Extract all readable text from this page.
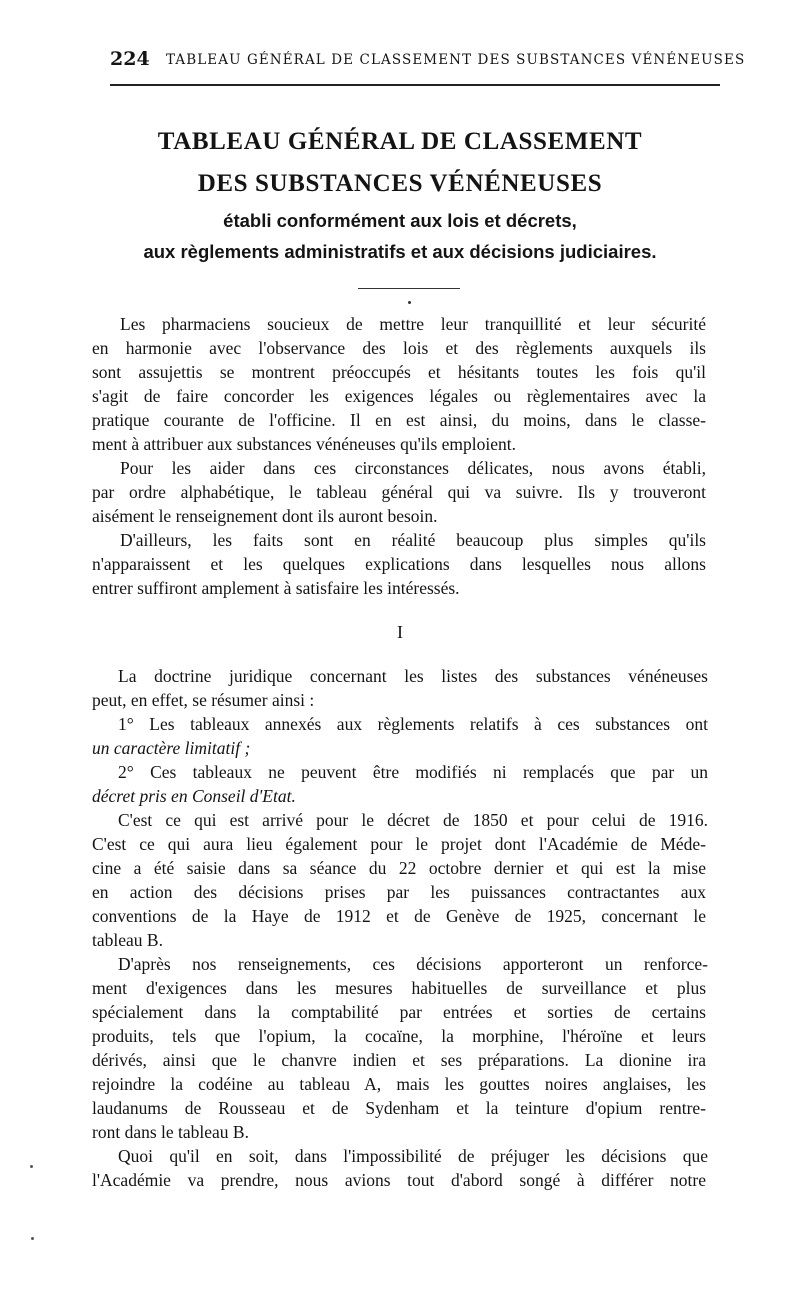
224 TABLEAU GÉNÉRAL DE CLASSEMENT DES SUBSTANCES VÉNÉNEUSES
TABLEAU GÉNÉRAL DE CLASSEMENT
DES SUBSTANCES VÉNÉNEUSES
établi conformément aux lois et décrets,
aux règlements administratifs et aux décisions judiciaires.
Les pharmaciens soucieux de mettre leur tranquillité et leur sécurité
en harmonie avec l'observance des lois et des règlements auxquels ils
sont assujettis se montrent préoccupés et hésitants toutes les fois qu'il
s'agit de faire concorder les exigences légales ou règlementaires avec la
pratique courante de l'officine. Il en est ainsi, du moins, dans le classe-
ment à attribuer aux substances vénéneuses qu'ils emploient.
Pour les aider dans ces circonstances délicates, nous avons établi,
par ordre alphabétique, le tableau général qui va suivre. Ils y trouveront
aisément le renseignement dont ils auront besoin.
D'ailleurs, les faits sont en réalité beaucoup plus simples qu'ils
n'apparaissent et les quelques explications dans lesquelles nous allons
entrer suffiront amplement à satisfaire les intéressés.
I
La doctrine juridique concernant les listes des substances vénéneuses
peut, en effet, se résumer ainsi :
1° Les tableaux annexés aux règlements relatifs à ces substances ont
un caractère limitatif ;
2° Ces tableaux ne peuvent être modifiés ni remplacés que par un
décret pris en Conseil d'Etat.
C'est ce qui est arrivé pour le décret de 1850 et pour celui de 1916.
C'est ce qui aura lieu également pour le projet dont l'Académie de Méde-
cine a été saisie dans sa séance du 22 octobre dernier et qui est la mise
en action des décisions prises par les puissances contractantes aux
conventions de la Haye de 1912 et de Genève de 1925, concernant le
tableau B.
D'après nos renseignements, ces décisions apporteront un renforce-
ment d'exigences dans les mesures habituelles de surveillance et plus
spécialement dans la comptabilité par entrées et sorties de certains
produits, tels que l'opium, la cocaïne, la morphine, l'héroïne et leurs
dérivés, ainsi que le chanvre indien et ses préparations. La dionine ira
rejoindre la codéine au tableau A, mais les gouttes noires anglaises, les
laudanums de Rousseau et de Sydenham et la teinture d'opium rentre-
ront dans le tableau B.
Quoi qu'il en soit, dans l'impossibilité de préjuger les décisions que
l'Académie va prendre, nous avions tout d'abord songé à différer notre
